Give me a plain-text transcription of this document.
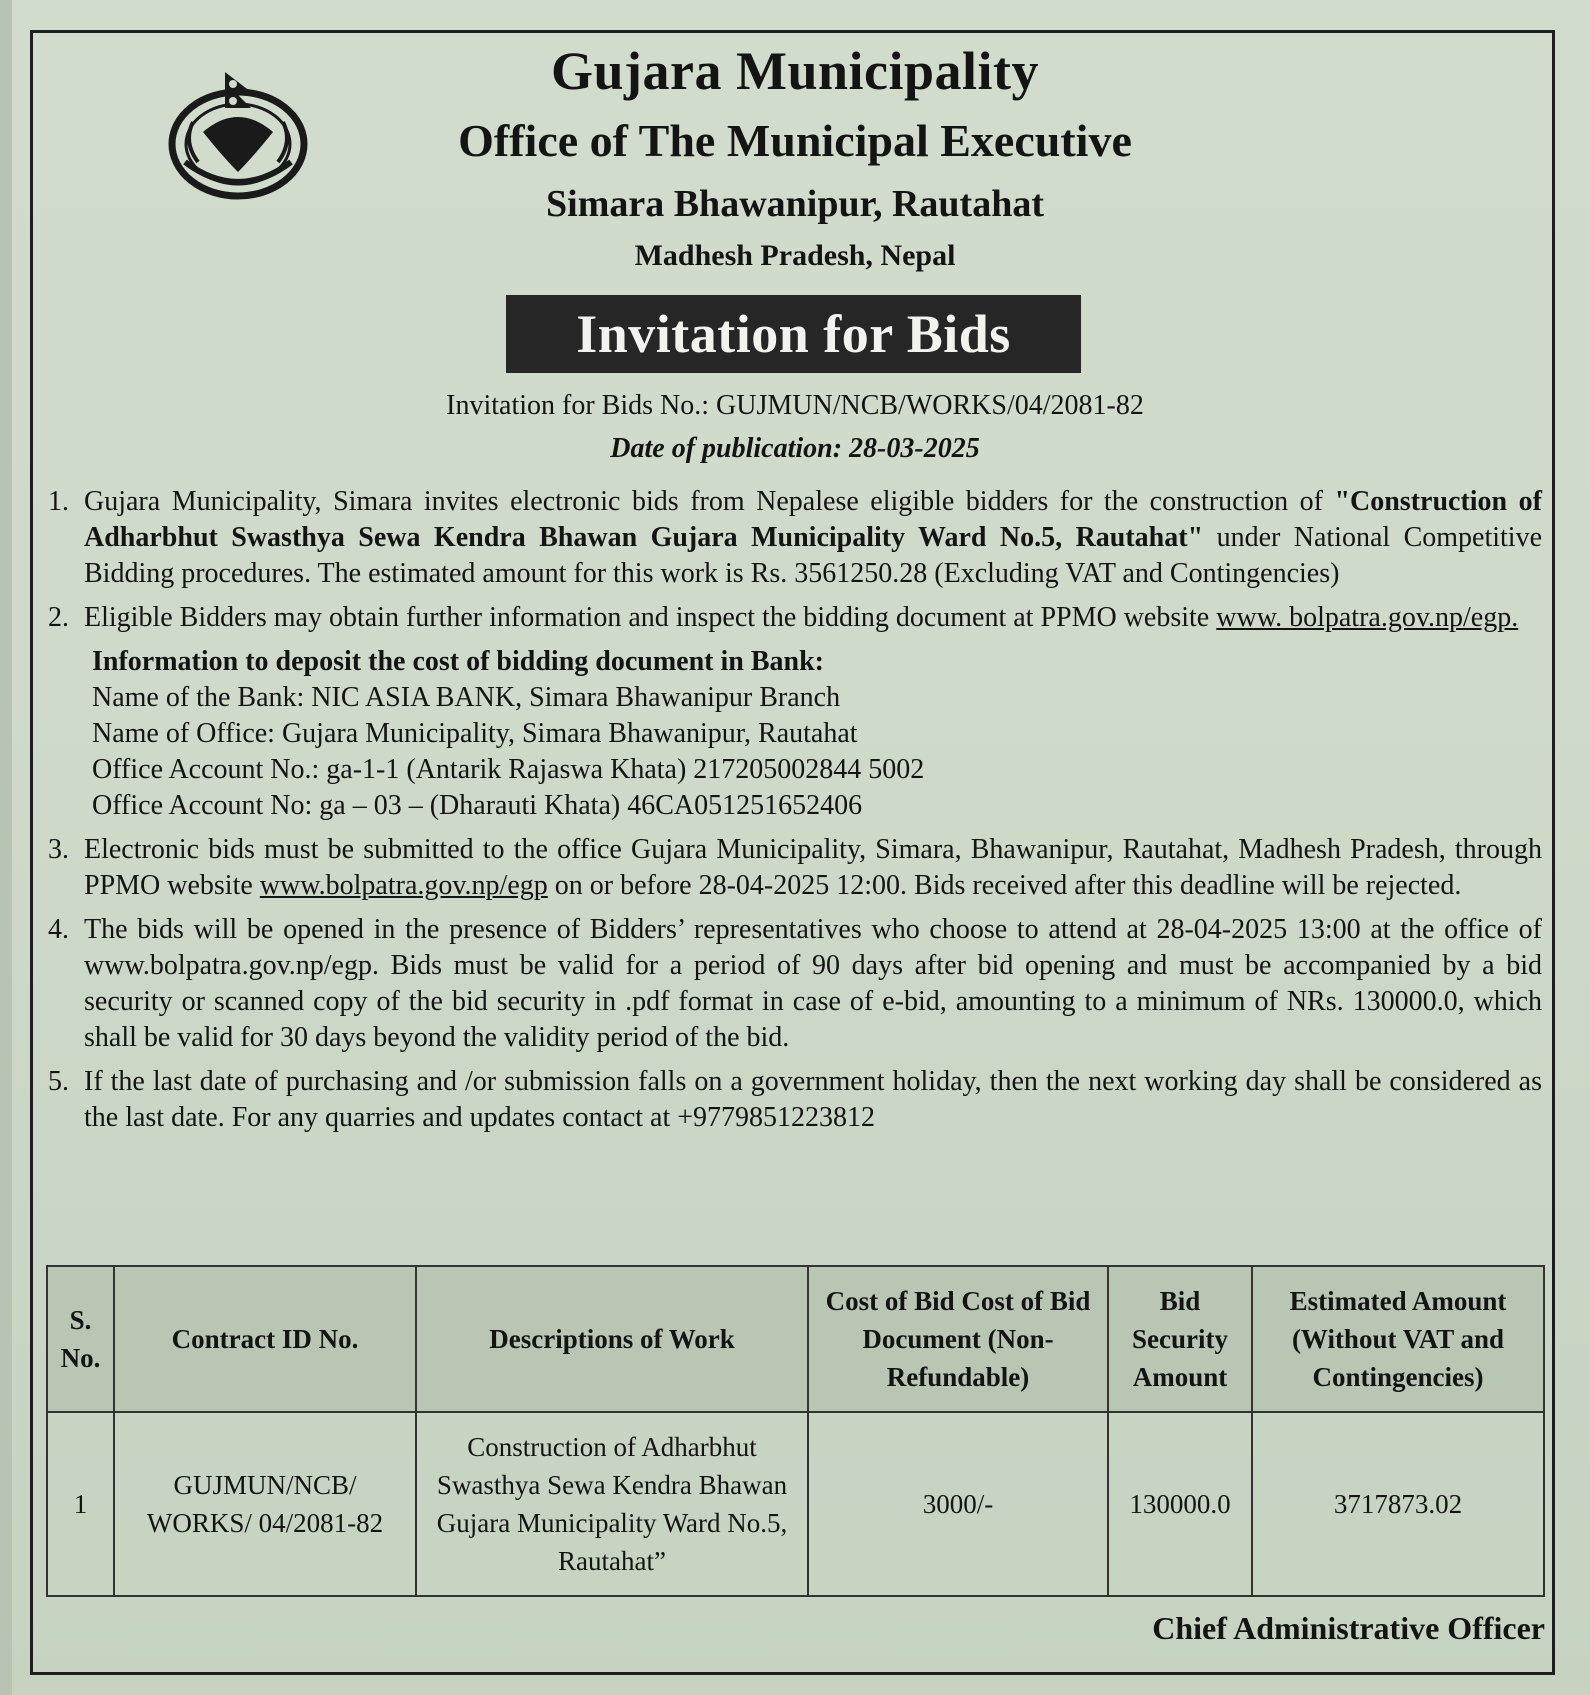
Gujara Municipality
Office of The Municipal Executive
Simara Bhawanipur, Rautahat
Madhesh Pradesh, Nepal
Invitation for Bids
Invitation for Bids No.: GUJMUN/NCB/WORKS/04/2081-82
Date of publication: 28-03-2025
1. Gujara Municipality, Simara invites electronic bids from Nepalese eligible bidders for the construction of "Construction of Adharbhut Swasthya Sewa Kendra Bhawan Gujara Municipality Ward No.5, Rautahat" under National Competitive Bidding procedures. The estimated amount for this work is Rs. 3561250.28 (Excluding VAT and Contingencies)
2. Eligible Bidders may obtain further information and inspect the bidding document at PPMO website www. bolpatra.gov.np/egp.
Information to deposit the cost of bidding document in Bank:
Name of the Bank: NIC ASIA BANK, Simara Bhawanipur Branch
Name of Office: Gujara Municipality, Simara Bhawanipur, Rautahat
Office Account No.: ga-1-1 (Antarik Rajaswa Khata) 217205002844 5002
Office Account No: ga – 03 – (Dharauti Khata) 46CA051251652406
3. Electronic bids must be submitted to the office Gujara Municipality, Simara, Bhawanipur, Rautahat, Madhesh Pradesh, through PPMO website www.bolpatra.gov.np/egp on or before 28-04-2025 12:00. Bids received after this deadline will be rejected.
4. The bids will be opened in the presence of Bidders’ representatives who choose to attend at 28-04-2025 13:00 at the office of www.bolpatra.gov.np/egp. Bids must be valid for a period of 90 days after bid opening and must be accompanied by a bid security or scanned copy of the bid security in .pdf format in case of e-bid, amounting to a minimum of NRs. 130000.0, which shall be valid for 30 days beyond the validity period of the bid.
5. If the last date of purchasing and /or submission falls on a government holiday, then the next working day shall be considered as the last date. For any quarries and updates contact at +9779851223812
S. No.	Contract ID No.	Descriptions of Work	Cost of Bid Cost of Bid Document (Non-Refundable)	Bid Security Amount	Estimated Amount (Without VAT and Contingencies)
1	GUJMUN/NCB/ WORKS/ 04/2081-82	Construction of Adharbhut Swasthya Sewa Kendra Bhawan Gujara Municipality Ward No.5, Rautahat”	3000/-	130000.0	3717873.02
Chief Administrative Officer
